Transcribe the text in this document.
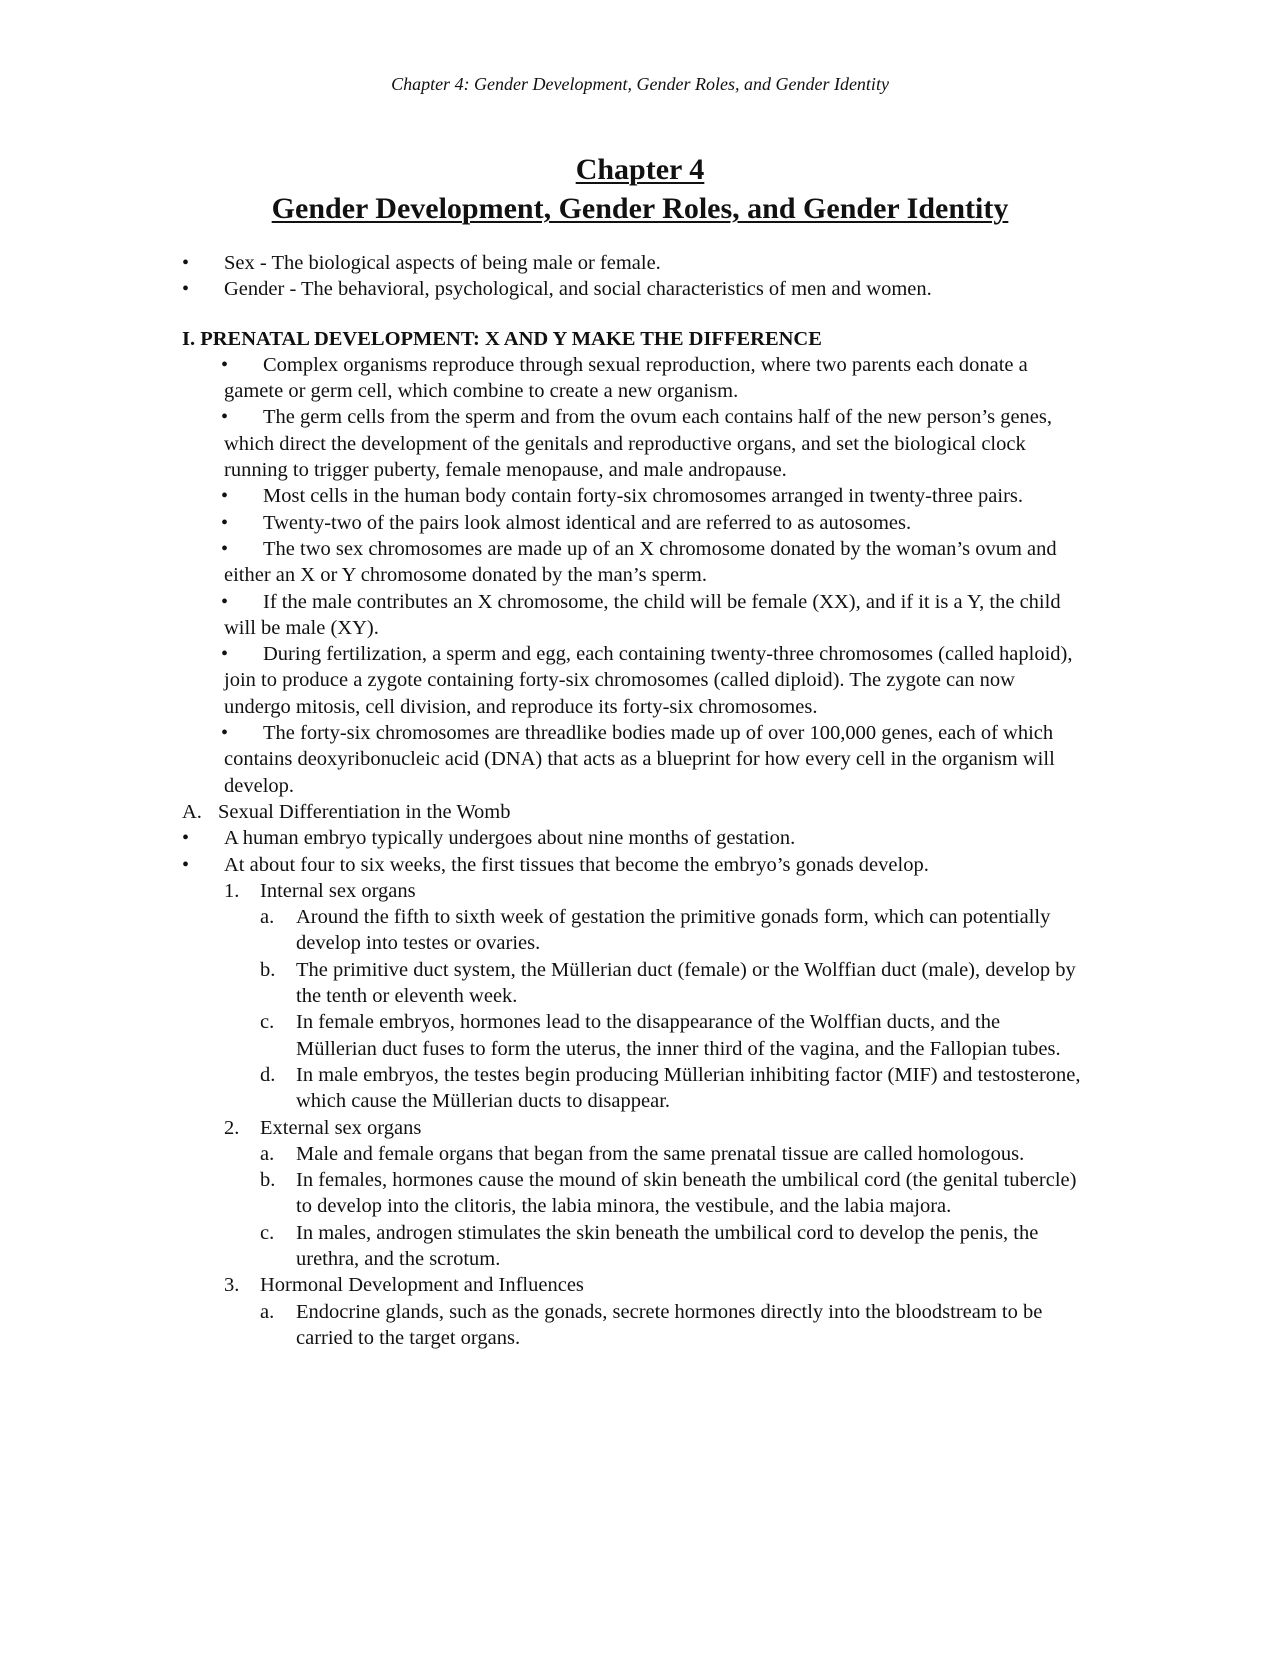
Chapter 4: Gender Development, Gender Roles, and Gender Identity
Chapter 4
Gender Development, Gender Roles, and Gender Identity
• Sex - The biological aspects of being male or female.
• Gender - The behavioral, psychological, and social characteristics of men and women.
I. PRENATAL DEVELOPMENT: X AND Y MAKE THE DIFFERENCE
• Complex organisms reproduce through sexual reproduction, where two parents each donate a gamete or germ cell, which combine to create a new organism.
• The germ cells from the sperm and from the ovum each contains half of the new person’s genes, which direct the development of the genitals and reproductive organs, and set the biological clock running to trigger puberty, female menopause, and male andropause.
• Most cells in the human body contain forty-six chromosomes arranged in twenty-three pairs.
• Twenty-two of the pairs look almost identical and are referred to as autosomes.
• The two sex chromosomes are made up of an X chromosome donated by the woman’s ovum and either an X or Y chromosome donated by the man’s sperm.
• If the male contributes an X chromosome, the child will be female (XX), and if it is a Y, the child will be male (XY).
• During fertilization, a sperm and egg, each containing twenty-three chromosomes (called haploid), join to produce a zygote containing forty-six chromosomes (called diploid). The zygote can now undergo mitosis, cell division, and reproduce its forty-six chromosomes.
• The forty-six chromosomes are threadlike bodies made up of over 100,000 genes, each of which contains deoxyribonucleic acid (DNA) that acts as a blueprint for how every cell in the organism will develop.
A. Sexual Differentiation in the Womb
• A human embryo typically undergoes about nine months of gestation.
• At about four to six weeks, the first tissues that become the embryo’s gonads develop.
1.	Internal sex organs
a.	Around the fifth to sixth week of gestation the primitive gonads form, which can potentially develop into testes or ovaries.
b.	The primitive duct system, the Müllerian duct (female) or the Wolffian duct (male), develop by the tenth or eleventh week.
c.	In female embryos, hormones lead to the disappearance of the Wolffian ducts, and the Müllerian duct fuses to form the uterus, the inner third of the vagina, and the Fallopian tubes.
d.	In male embryos, the testes begin producing Müllerian inhibiting factor (MIF) and testosterone, which cause the Müllerian ducts to disappear.
2.	External sex organs
a.	Male and female organs that began from the same prenatal tissue are called homologous.
b.	In females, hormones cause the mound of skin beneath the umbilical cord (the genital tubercle) to develop into the clitoris, the labia minora, the vestibule, and the labia majora.
c.	In males, androgen stimulates the skin beneath the umbilical cord to develop the penis, the urethra, and the scrotum.
3.	Hormonal Development and Influences
a.	Endocrine glands, such as the gonads, secrete hormones directly into the bloodstream to be carried to the target organs.
